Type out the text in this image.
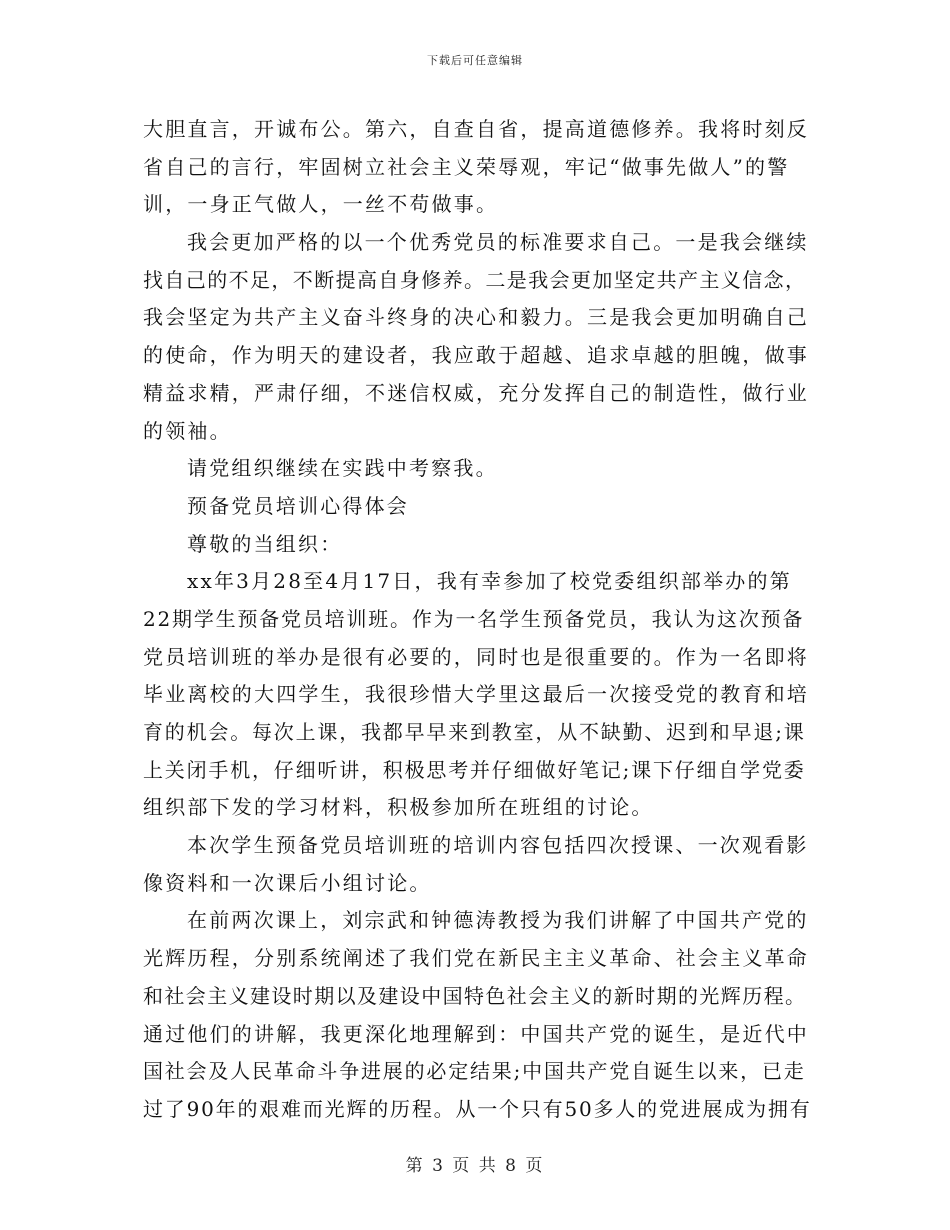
下载后可任意编辑

大胆直言，开诚布公。第六，自查自省，提高道德修养。我将时刻反
省自己的言行，牢固树立社会主义荣辱观，牢记“做事先做人”的警
训，一身正气做人，一丝不苟做事。

我会更加严格的以一个优秀党员的标准要求自己。一是我会继续
找自己的不足，不断提高自身修养。二是我会更加坚定共产主义信念，
我会坚定为共产主义奋斗终身的决心和毅力。三是我会更加明确自己
的使命，作为明天的建设者，我应敢于超越、追求卓越的胆魄，做事
精益求精，严肃仔细，不迷信权威，充分发挥自己的制造性，做行业
的领袖。

请党组织继续在实践中考察我。

预备党员培训心得体会

尊敬的当组织：

xx年3月28至4月17日，我有幸参加了校党委组织部举办的第
22期学生预备党员培训班。作为一名学生预备党员，我认为这次预备
党员培训班的举办是很有必要的，同时也是很重要的。作为一名即将
毕业离校的大四学生，我很珍惜大学里这最后一次接受党的教育和培
育的机会。每次上课，我都早早来到教室，从不缺勤、迟到和早退;课
上关闭手机，仔细听讲，积极思考并仔细做好笔记;课下仔细自学党委
组织部下发的学习材料，积极参加所在班组的讨论。

本次学生预备党员培训班的培训内容包括四次授课、一次观看影
像资料和一次课后小组讨论。

在前两次课上，刘宗武和钟德涛教授为我们讲解了中国共产党的
光辉历程，分别系统阐述了我们党在新民主主义革命、社会主义革命
和社会主义建设时期以及建设中国特色社会主义的新时期的光辉历程。
通过他们的讲解，我更深化地理解到：中国共产党的诞生，是近代中
国社会及人民革命斗争进展的必定结果;中国共产党自诞生以来，已走
过了90年的艰难而光辉的历程。从一个只有50多人的党进展成为拥有

第 3 页 共 8 页
